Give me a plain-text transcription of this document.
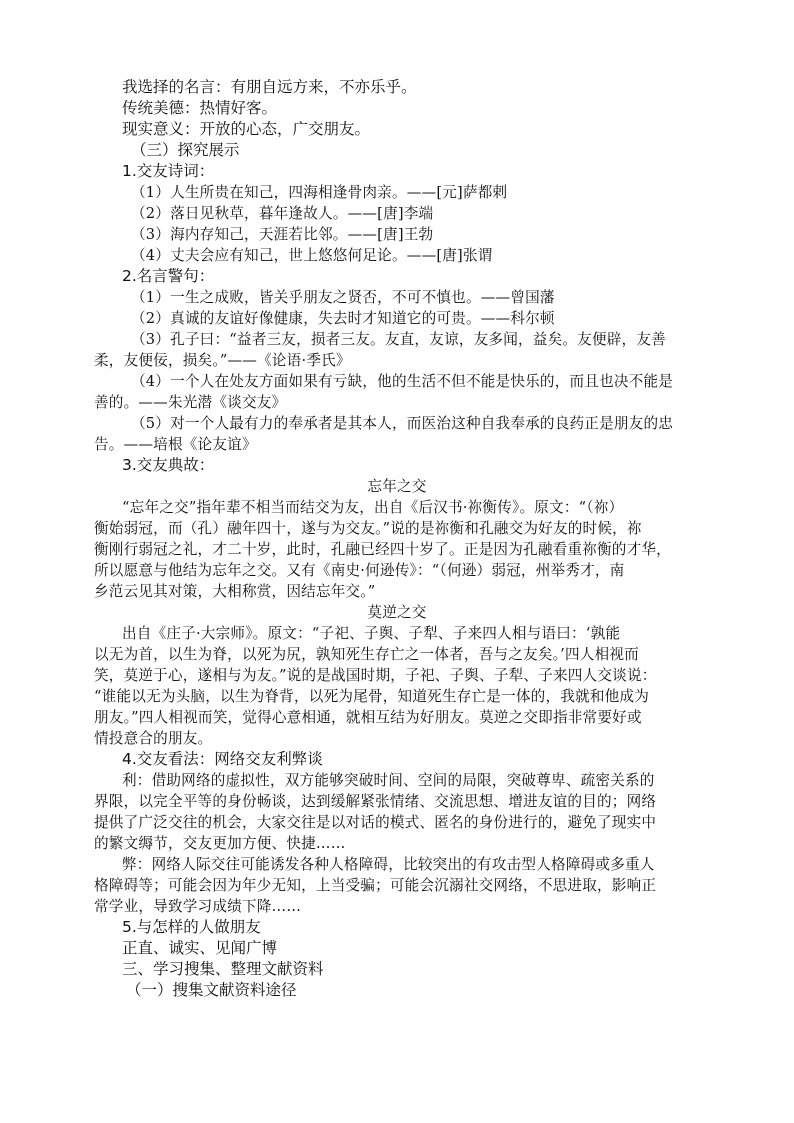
我选择的名言：有朋自远方来，不亦乐乎。
传统美德：热情好客。
现实意义：开放的心态，广交朋友。
（三）探究展示
1.交友诗词：
（1）人生所贵在知己，四海相逢骨肉亲。——[元]萨都剌
（2）落日见秋草，暮年逢故人。——[唐]李端
（3）海内存知己，天涯若比邻。——[唐]王勃
（4）丈夫会应有知己，世上悠悠何足论。——[唐]张谓
2.名言警句：
（1）一生之成败，皆关乎朋友之贤否，不可不慎也。——曾国藩
（2）真诚的友谊好像健康，失去时才知道它的可贵。——科尔顿
（3）孔子曰：“益者三友，损者三友。友直，友谅，友多闻，益矣。友便辟，友善
柔，友便佞，损矣。”——《论语·季氏》
（4）一个人在处友方面如果有亏缺，他的生活不但不能是快乐的，而且也决不能是
善的。——朱光潜《谈交友》
（5）对一个人最有力的奉承者是其本人，而医治这种自我奉承的良药正是朋友的忠
告。——培根《论友谊》
3.交友典故：
忘年之交
“忘年之交”指年辈不相当而结交为友，出自《后汉书·祢衡传》。原文：“（祢）
衡始弱冠，而（孔）融年四十，遂与为交友。”说的是祢衡和孔融交为好友的时候，祢
衡刚行弱冠之礼，才二十岁，此时，孔融已经四十岁了。正是因为孔融看重祢衡的才华，
所以愿意与他结为忘年之交。又有《南史·何逊传》：“（何逊）弱冠，州举秀才，南
乡范云见其对策，大相称赏，因结忘年交。”
莫逆之交
出自《庄子·大宗师》。原文：“子祀、子舆、子犁、子来四人相与语曰：‘孰能
以无为首，以生为脊，以死为尻，孰知死生存亡之一体者，吾与之友矣。’四人相视而
笑，莫逆于心，遂相与为友。”说的是战国时期，子祀、子舆、子犁、子来四人交谈说：
“谁能以无为头脑，以生为脊背，以死为尾骨，知道死生存亡是一体的，我就和他成为
朋友。”四人相视而笑，觉得心意相通，就相互结为好朋友。莫逆之交即指非常要好或
情投意合的朋友。
4.交友看法：网络交友利弊谈
利：借助网络的虚拟性，双方能够突破时间、空间的局限，突破尊卑、疏密关系的
界限，以完全平等的身份畅谈，达到缓解紧张情绪、交流思想、增进友谊的目的；网络
提供了广泛交往的机会，大家交往是以对话的模式、匿名的身份进行的，避免了现实中
的繁文缛节，交友更加方便、快捷……
弊：网络人际交往可能诱发各种人格障碍，比较突出的有攻击型人格障碍或多重人
格障碍等；可能会因为年少无知，上当受骗；可能会沉溺社交网络，不思进取，影响正
常学业，导致学习成绩下降……
5.与怎样的人做朋友
正直、诚实、见闻广博
三、学习搜集、整理文献资料
（一）搜集文献资料途径
